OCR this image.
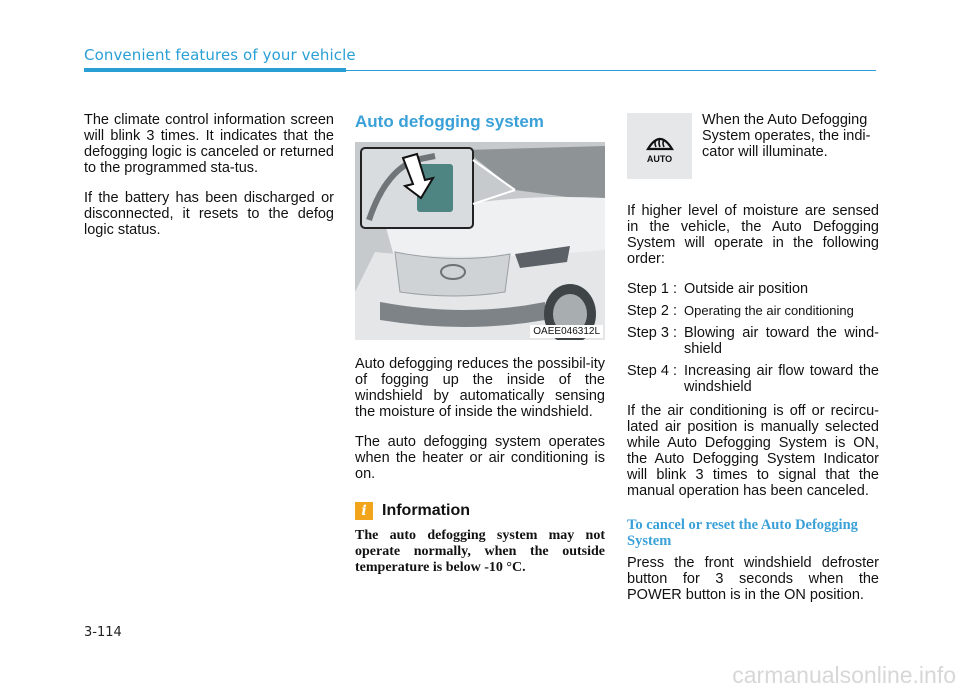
Convenient features of your vehicle

The climate control information screen will blink 3 times. It indicates that the defogging logic is canceled or returned to the programmed sta-tus.

If the battery has been discharged or disconnected, it resets to the defog logic status.

Auto defogging system
OAEE046312L

Auto defogging reduces the possibil-ity of fogging up the inside of the windshield by automatically sensing the moisture of inside the windshield.

The auto defogging system operates when the heater or air conditioning is on.

i Information

The auto defogging system may not operate normally, when the outside temperature is below -10 °C.

AUTO

When the Auto Defogging System operates, the indi-cator will illuminate.

If higher level of moisture are sensed in the vehicle, the Auto Defogging System will operate in the following order:

Step 1 : Outside air position
Step 2 : Operating the air conditioning
Step 3 : Blowing air toward the wind-shield
Step 4 : Increasing air flow toward the windshield

If the air conditioning is off or recircu-lated air position is manually selected while Auto Defogging System is ON, the Auto Defogging System Indicator will blink 3 times to signal that the manual operation has been canceled.

To cancel or reset the Auto Defogging System

Press the front windshield defroster button for 3 seconds when the POWER button is in the ON position.

3-114
carmanualsonline.info
